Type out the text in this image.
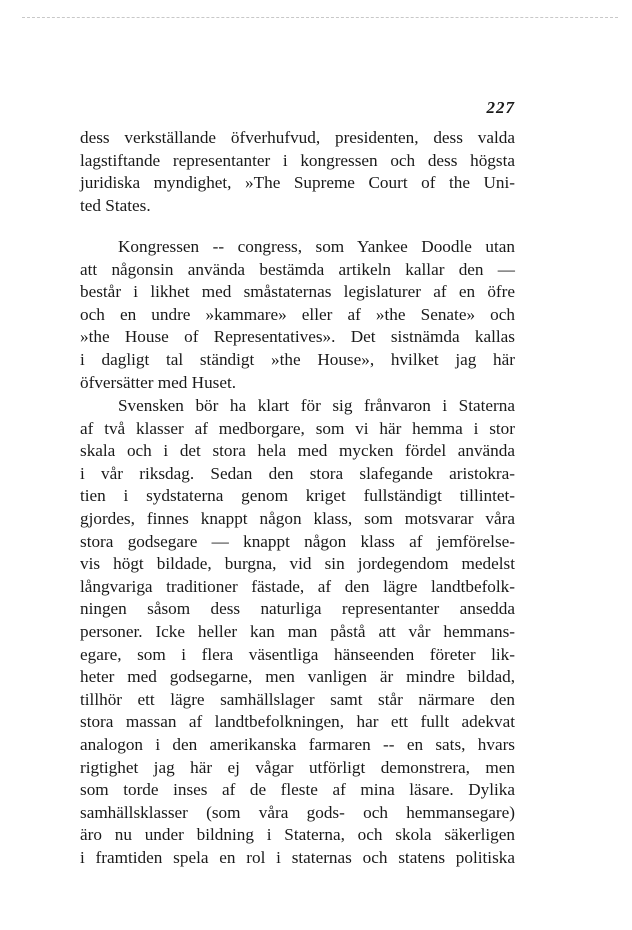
227
dess verkställande öfverhufvud, presidenten, dess valda
lagstiftande representanter i kongressen och dess högsta
juridiska myndighet, »The Supreme Court of the Uni-
ted States.
Kongressen -- congress, som Yankee Doodle utan
att någonsin använda bestämda artikeln kallar den —
består i likhet med småstaternas legislaturer af en öfre
och en undre »kammare» eller af »the Senate» och
»the House of Representatives». Det sistnämda kallas
i dagligt tal ständigt »the House», hvilket jag här
öfversätter med Huset.
Svensken bör ha klart för sig frånvaron i Staterna
af två klasser af medborgare, som vi här hemma i stor
skala och i det stora hela med mycken fördel använda
i vår riksdag. Sedan den stora slafegande aristokra-
tien i sydstaterna genom kriget fullständigt tillintet-
gjordes, finnes knappt någon klass, som motsvarar våra
stora godsegare — knappt någon klass af jemförelse-
vis högt bildade, burgna, vid sin jordegendom medelst
långvariga traditioner fästade, af den lägre landtbefolk-
ningen såsom dess naturliga representanter ansedda
personer. Icke heller kan man påstå att vår hemmans-
egare, som i flera väsentliga hänseenden företer lik-
heter med godsegarne, men vanligen är mindre bildad,
tillhör ett lägre samhällslager samt står närmare den
stora massan af landtbefolkningen, har ett fullt adekvat
analogon i den amerikanska farmaren -- en sats, hvars
rigtighet jag här ej vågar utförligt demonstrera, men
som torde inses af de fleste af mina läsare. Dylika
samhällsklasser (som våra gods- och hemmansegare)
äro nu under bildning i Staterna, och skola säkerligen
i framtiden spela en rol i staternas och statens politiska
